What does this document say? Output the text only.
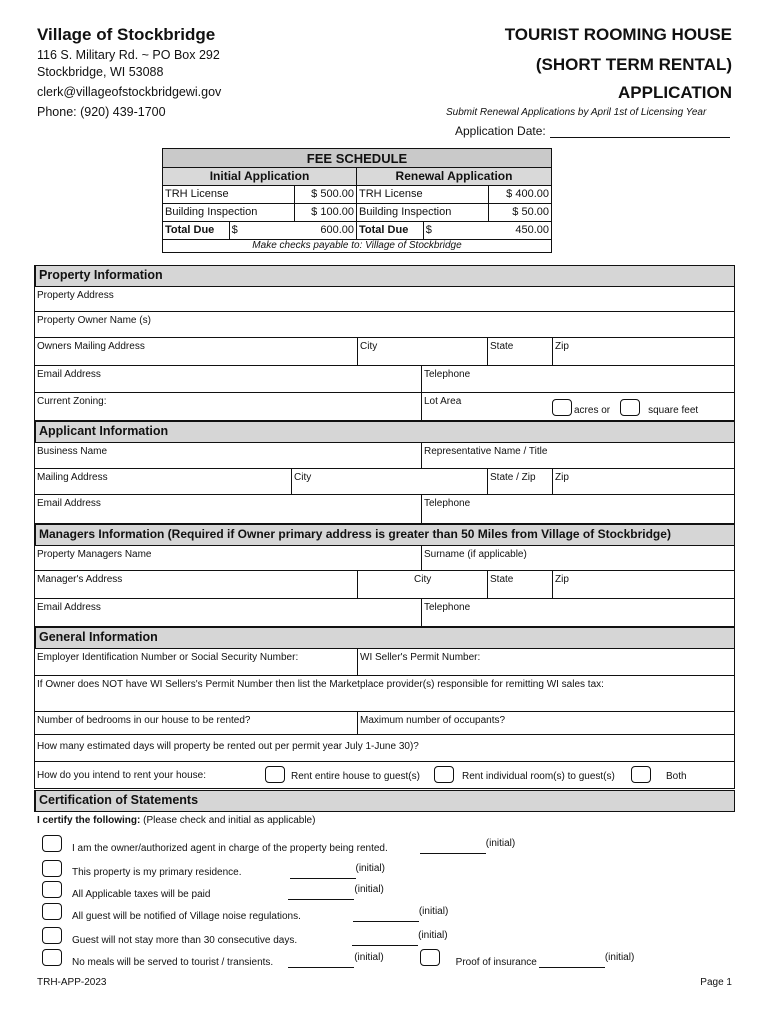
Village of Stockbridge
116 S. Military Rd. ~ PO Box 292
Stockbridge, WI 53088
clerk@villageofstockbridgewi.gov
Phone: (920) 439-1700
TOURIST ROOMING HOUSE
(SHORT TERM RENTAL)
APPLICATION
Submit Renewal Applications by April 1st of Licensing Year
Application Date:
FEE SCHEDULE
Initial Application	Renewal Application
TRH License	$ 500.00 TRH License	$ 400.00
Building Inspection	$ 100.00 Building Inspection	$ 50.00
Total Due	$	600.00 Total Due	$	450.00
Make checks payable to: Village of Stockbridge
Property Information
Property Address
Property Owner Name (s)
Owners Mailing Address	City	State	Zip
Email Address	Telephone
Current Zoning:	Lot Area
acres or	square feet
Applicant Information
Business Name	Representative Name / Title
Mailing Address	City	State / Zip	Zip
Email Address	Telephone
Managers Information (Required if Owner primary address is greater than 50 Miles from Village of Stockbridge)
Property Managers Name	Surname (if applicable)
Manager's Address	City	State	Zip
Email Address	Telephone
General Information
Employer Identification Number or Social Security Number:	WI Seller's Permit Number:
If Owner does NOT have WI Sellers's Permit Number then list the Marketplace provider(s) responsible for remitting WI sales tax:
Number of bedrooms in our house to be rented?	Maximum number of occupants?
How many estimated days will property be rented out per permit year July 1-June 30)?
How do you intend to rent your house:	Rent entire house to guest(s)	Rent individual room(s) to guest(s)	Both
Certification of Statements
I certify the following: (Please check and initial as applicable)
I am the owner/authorized agent in charge of the property being rented.	(initial)
This property is my primary residence.	(initial)
All Applicable taxes will be paid	(initial)
All guest will be notified of Village noise regulations.	(initial)
Guest will not stay more than 30 consecutive days.	(initial)
No meals will be served to tourist / transients.	(initial)	Proof of insurance	(initial)
TRH-APP-2023	Page 1
